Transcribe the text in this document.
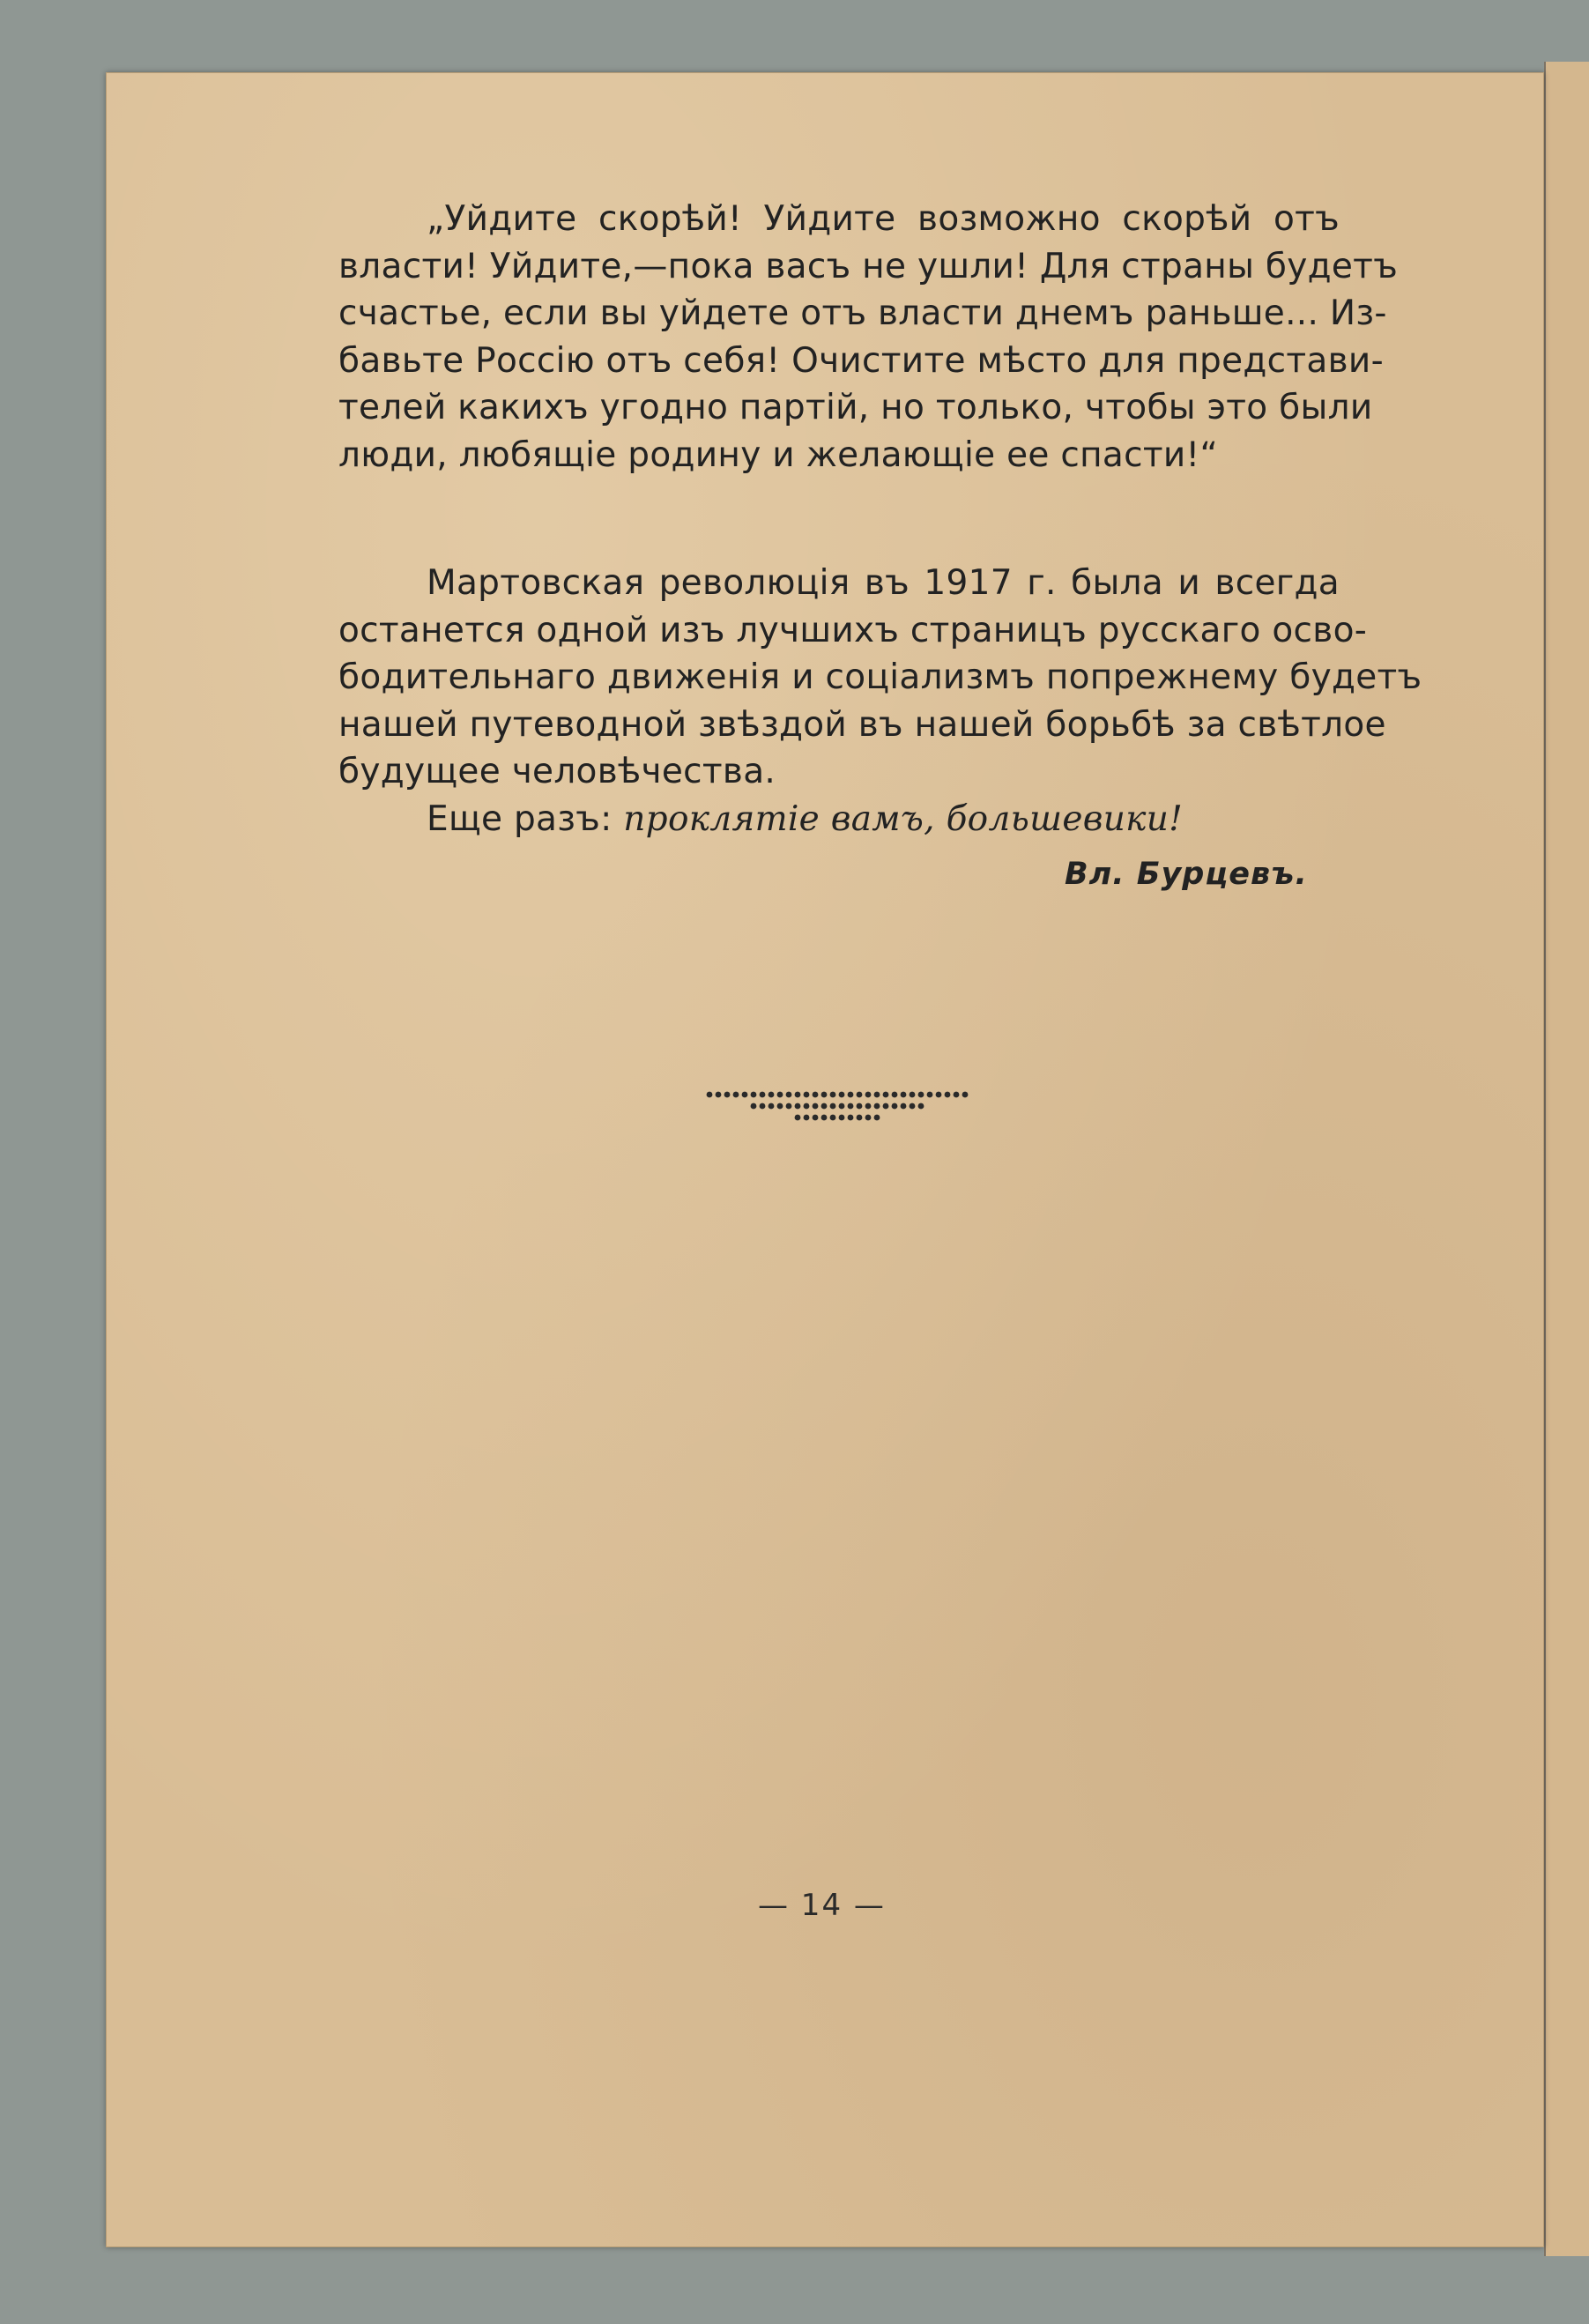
„Уйдите скорѣй! Уйдите возможно скорѣй отъ
власти! Уйдите,—пока васъ не ушли! Для страны будетъ
счастье, если вы уйдете отъ власти днемъ раньше... Из-
бавьте Россію отъ себя! Очистите мѣсто для представи-
телей какихъ угодно партій, но только, чтобы это были
люди, любящіе родину и желающіе ее спасти!“
Мартовская революція въ 1917 г. была и всегда
останется одной изъ лучшихъ страницъ русскаго осво-
бодительнаго движенія и соціализмъ попрежнему будетъ
нашей путеводной звѣздой въ нашей борьбѣ за свѣтлое
будущее человѣчества.
Еще разъ: проклятіе вамъ, большевики!
Вл. Бурцевъ.
— 14 —
